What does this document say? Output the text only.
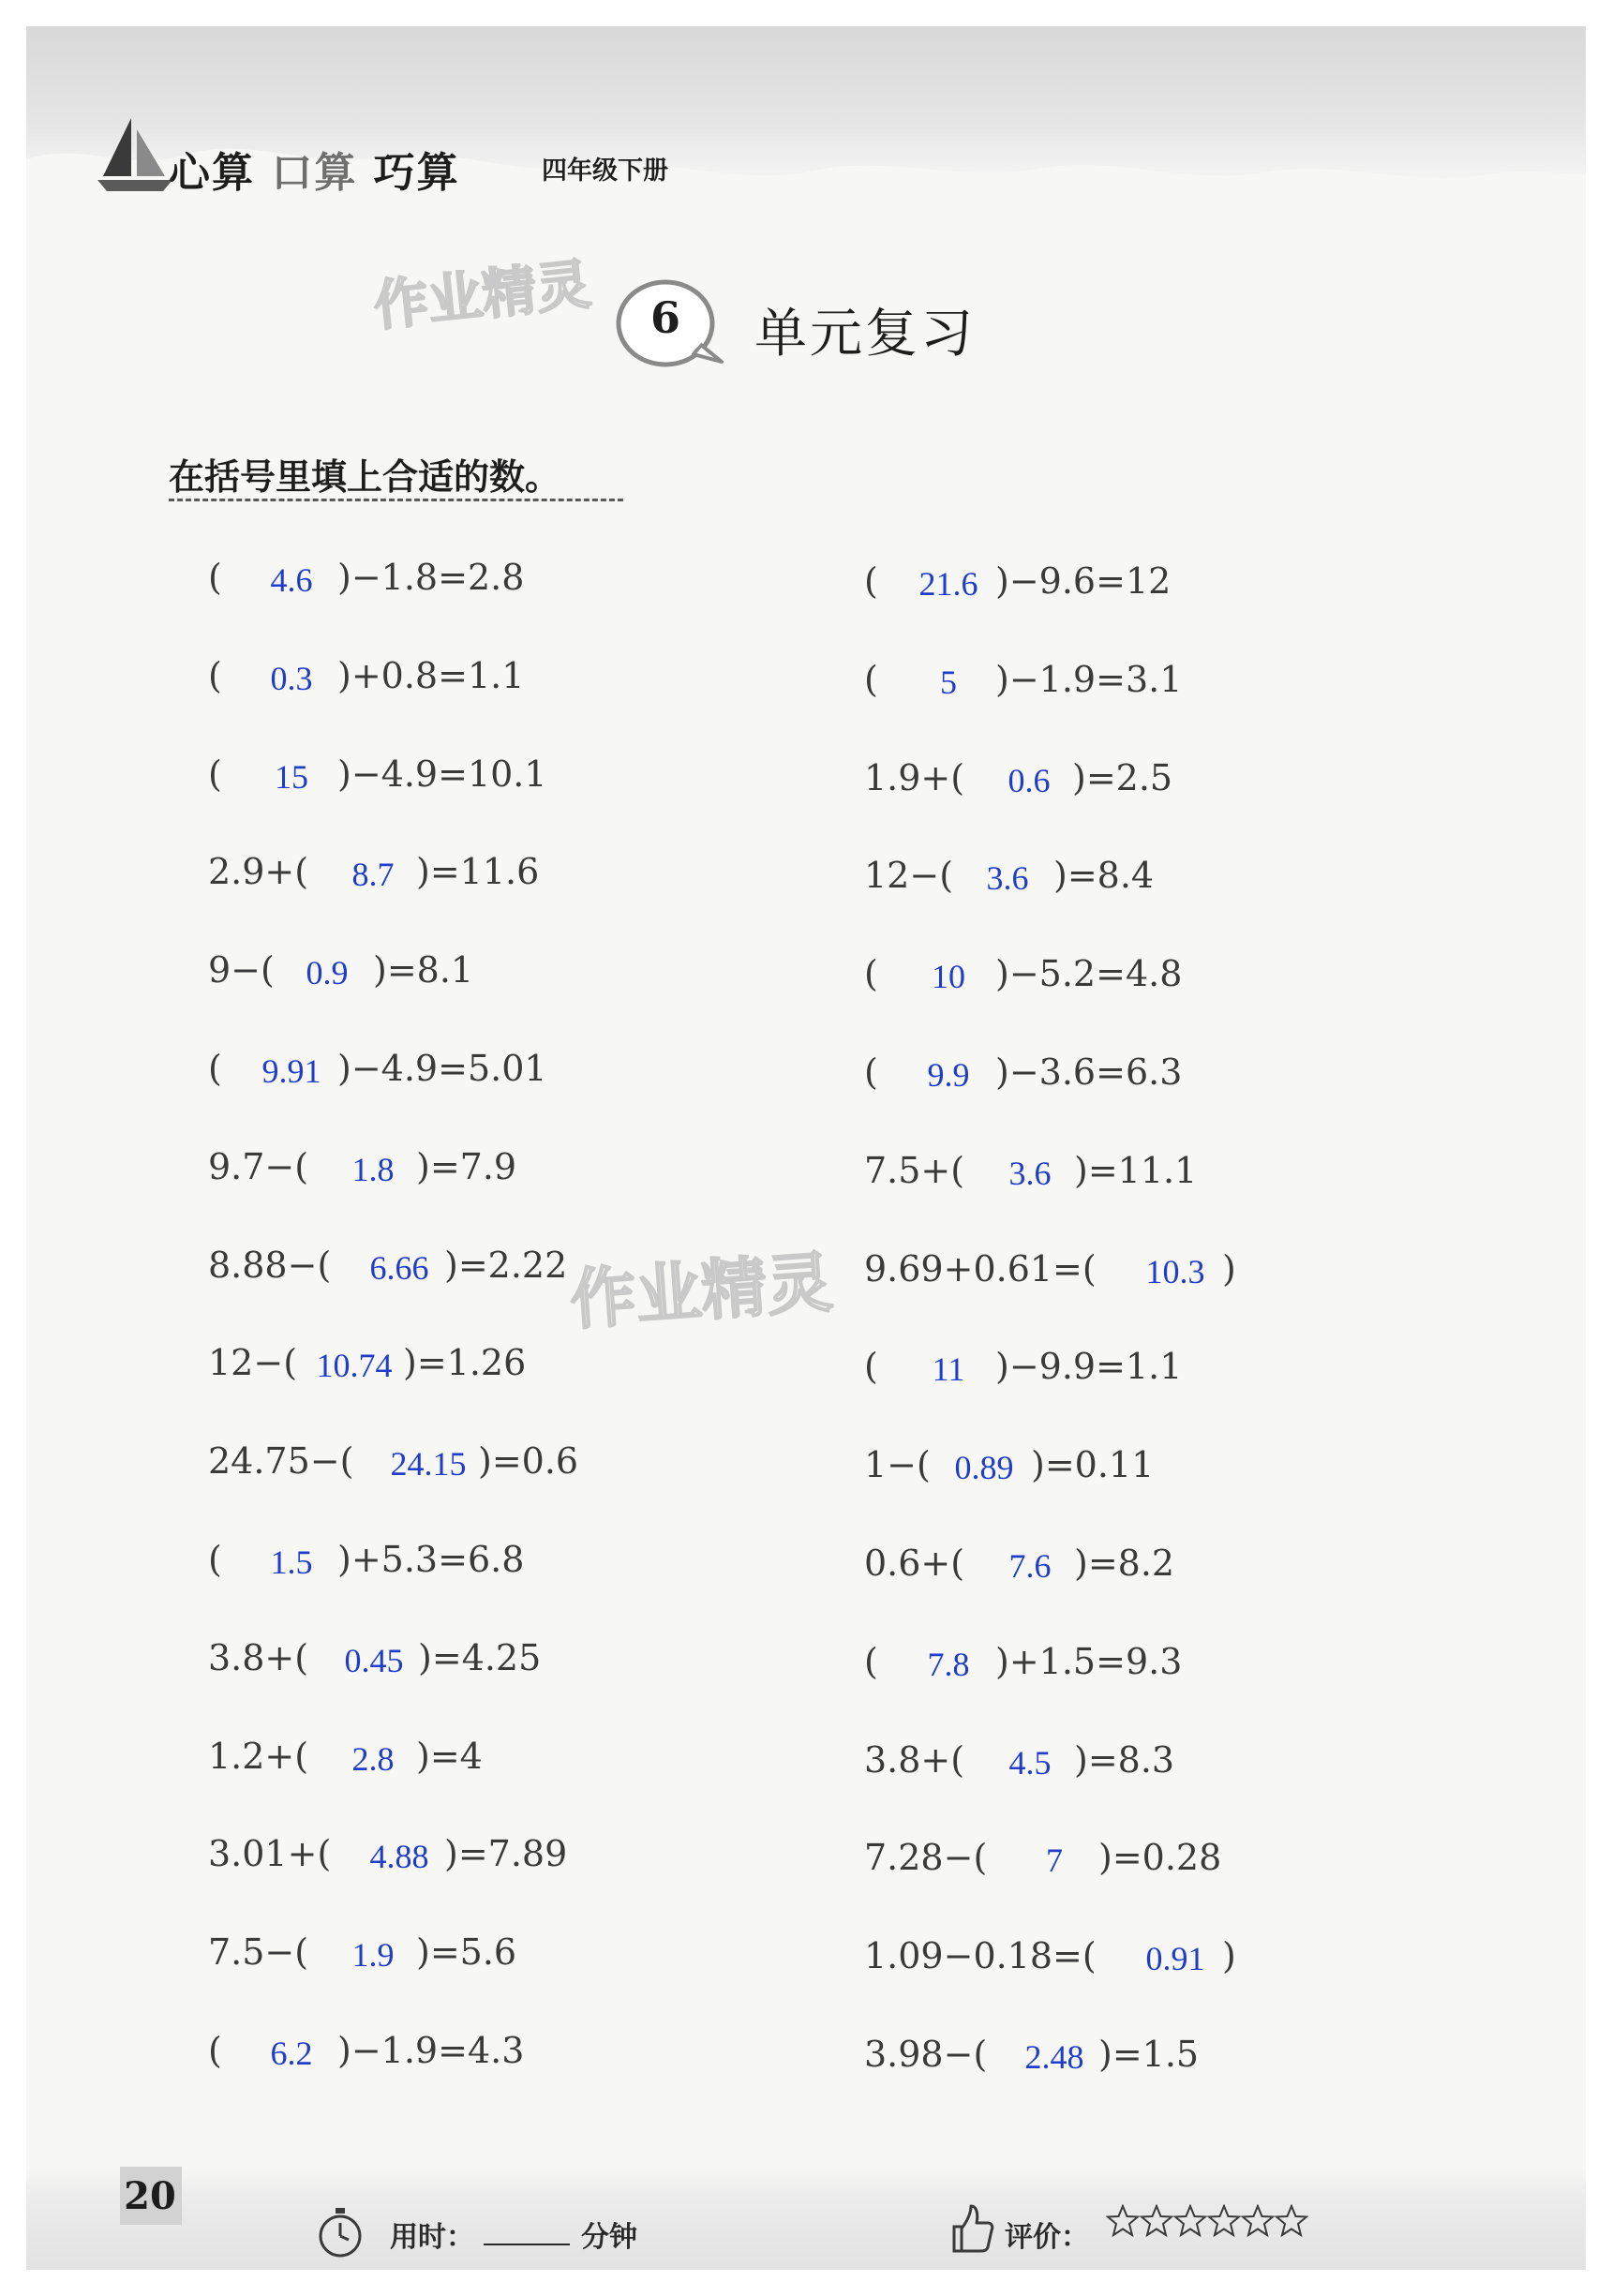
心算 口算 巧算	四年级下册
作业精灵
作业精灵
6 单元复习
在括号里填上合适的数。
( 4.6 )−1.8=2.8
( 0.3 )+0.8=1.1
( 15 )−4.9=10.1
2.9+( 8.7 )=11.6
9−( 0.9 )=8.1
( 9.91 )−4.9=5.01
9.7−( 1.8 )=7.9
8.88−( 6.66 )=2.22
12−( 10.74 )=1.26
24.75−( 24.15 )=0.6
( 1.5 )+5.3=6.8
3.8+( 0.45 )=4.25
1.2+( 2.8 )=4
3.01+( 4.88 )=7.89
7.5−( 1.9 )=5.6
( 6.2 )−1.9=4.3
( 21.6 )−9.6=12
( 5 )−1.9=3.1
1.9+( 0.6 )=2.5
12−( 3.6 )=8.4
( 10 )−5.2=4.8
( 9.9 )−3.6=6.3
7.5+( 3.6 )=11.1
9.69+0.61=( 10.3 )
( 11 )−9.9=1.1
1−( 0.89 )=0.11
0.6+( 7.6 )=8.2
( 7.8 )+1.5=9.3
3.8+( 4.5 )=8.3
7.28−( 7 )=0.28
1.09−0.18=( 0.91 )
3.98−( 2.48 )=1.5
20
用时：	分钟	评价：
